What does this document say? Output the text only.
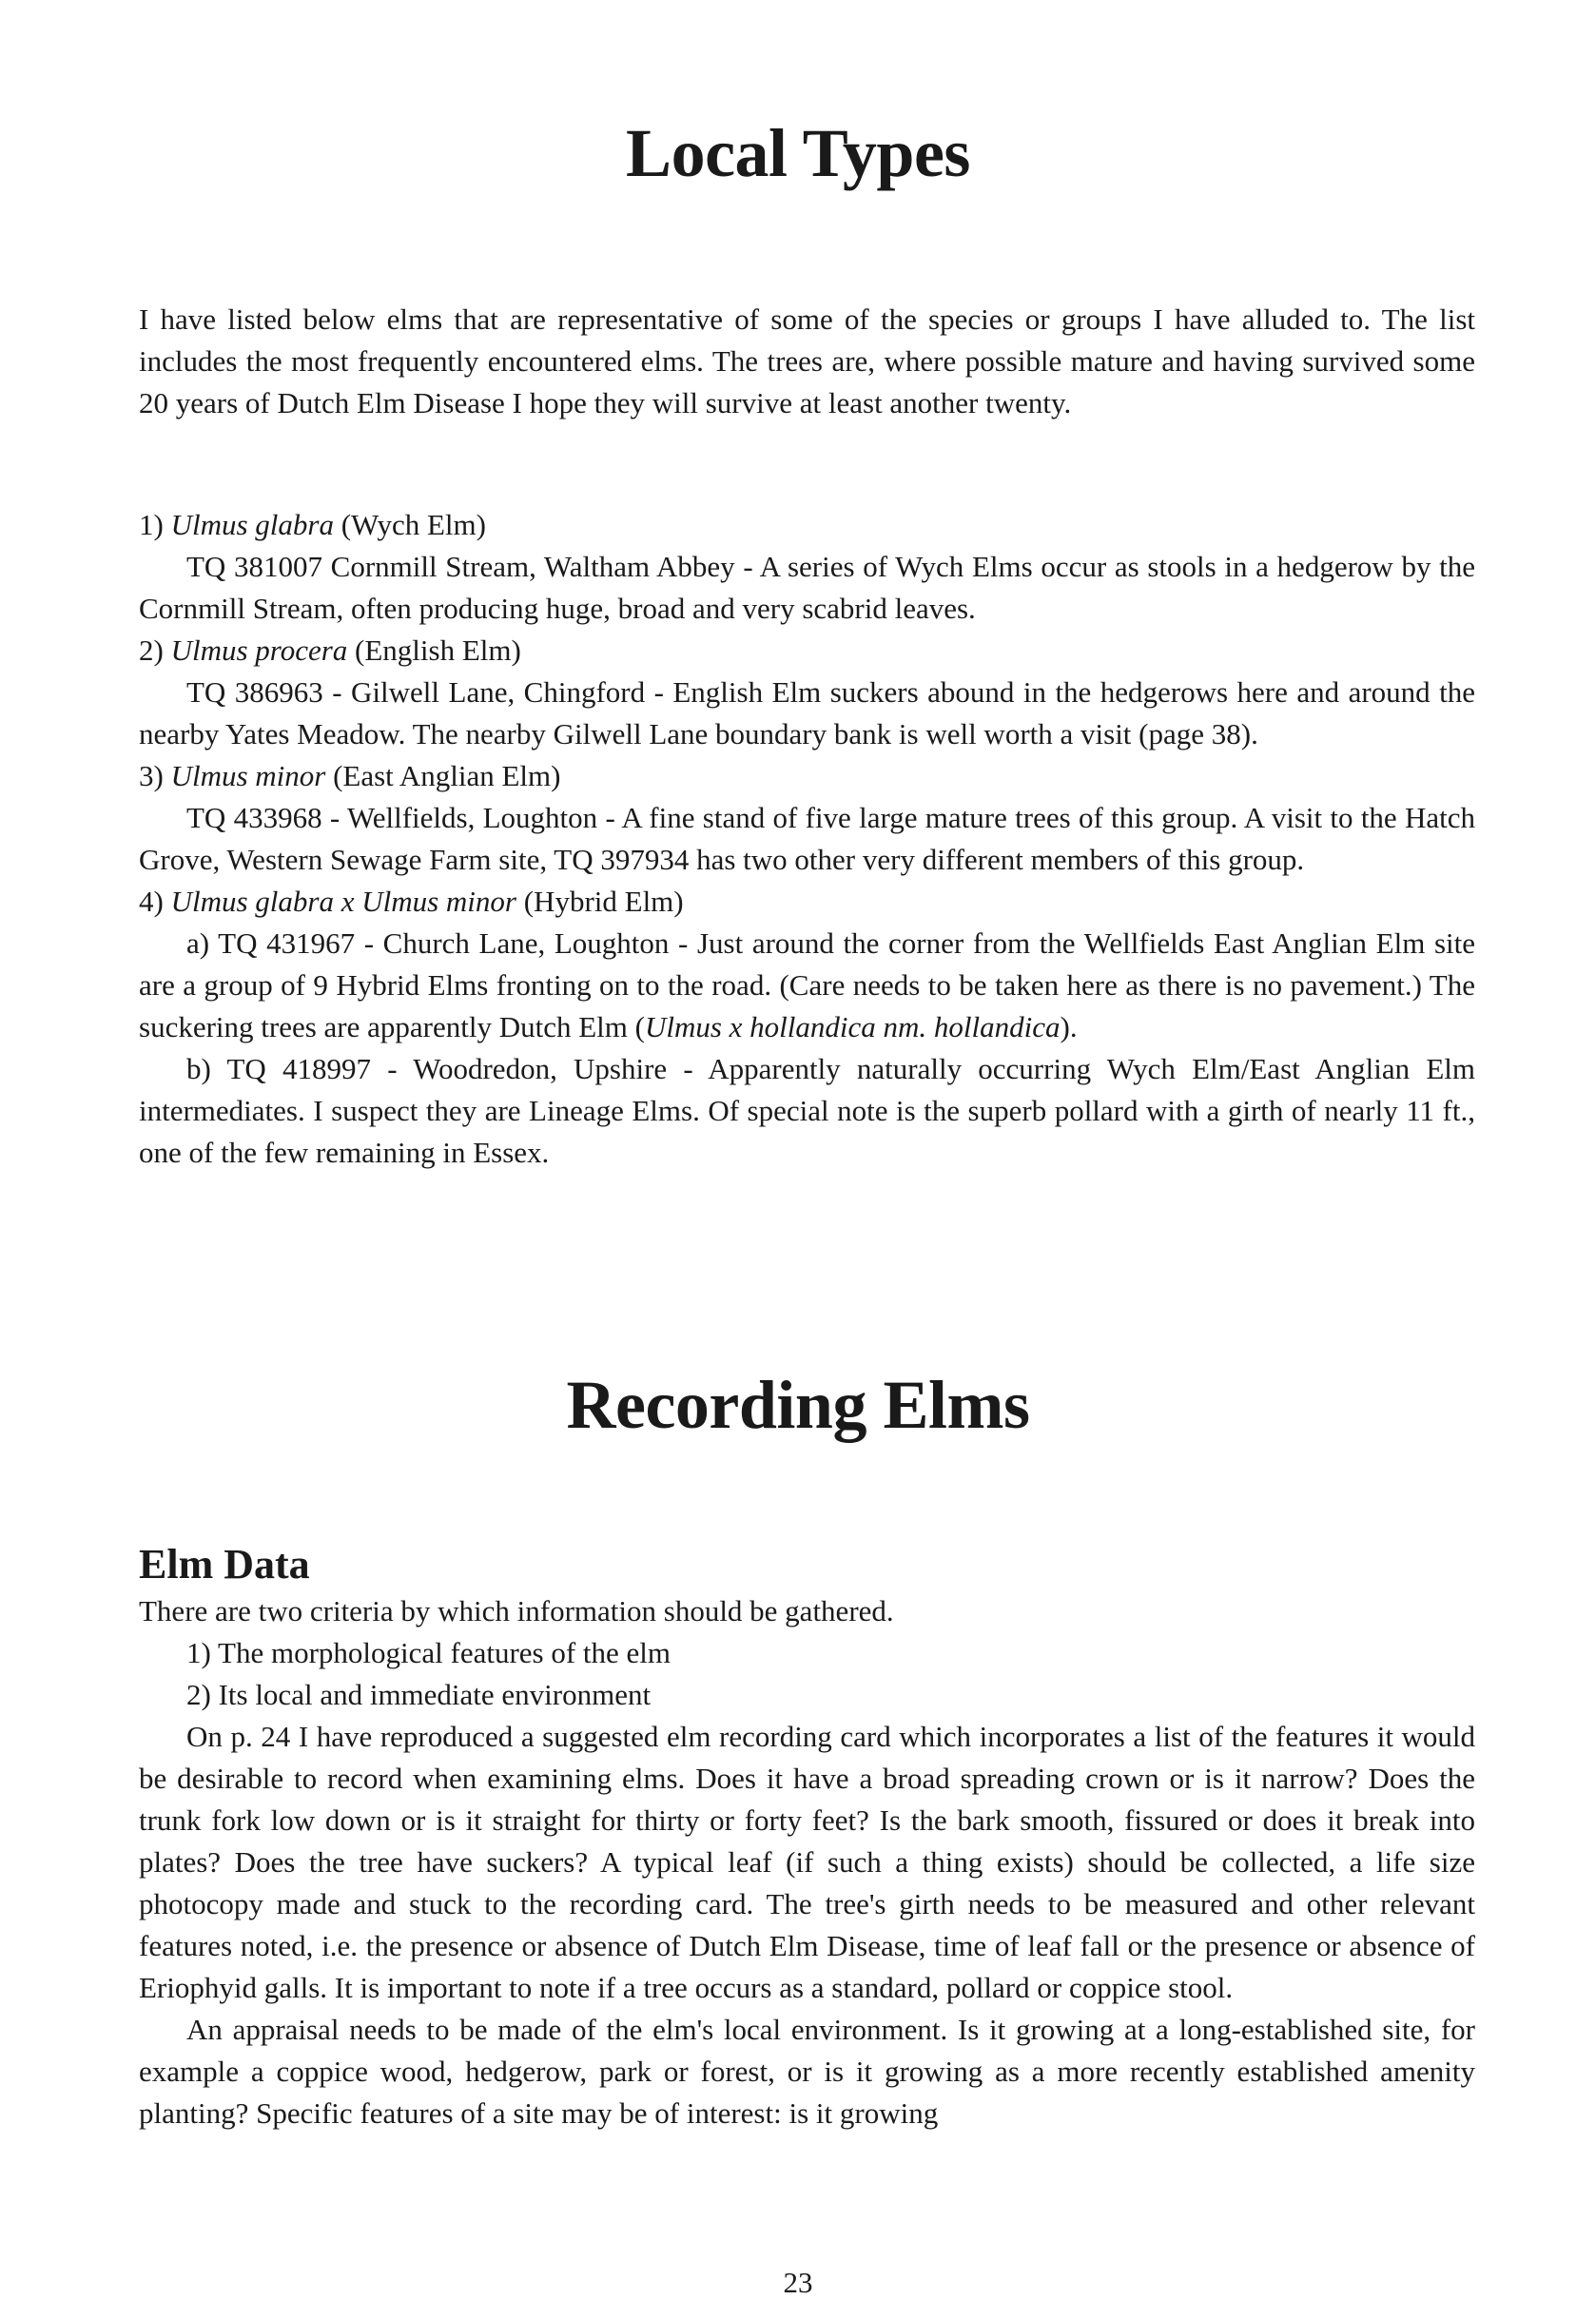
Local Types

I have listed below elms that are representative of some of the species or groups I have alluded to. The list includes the most frequently encountered elms. The trees are, where possible mature and having survived some 20 years of Dutch Elm Disease I hope they will survive at least another twenty.

1) Ulmus glabra (Wych Elm)

TQ 381007 Cornmill Stream, Waltham Abbey - A series of Wych Elms occur as stools in a hedgerow by the Cornmill Stream, often producing huge, broad and very scabrid leaves.

2) Ulmus procera (English Elm)

TQ 386963 - Gilwell Lane, Chingford - English Elm suckers abound in the hedgerows here and around the nearby Yates Meadow. The nearby Gilwell Lane boundary bank is well worth a visit (page 38).

3) Ulmus minor (East Anglian Elm)

TQ 433968 - Wellfields, Loughton - A fine stand of five large mature trees of this group. A visit to the Hatch Grove, Western Sewage Farm site, TQ 397934 has two other very different members of this group.

4) Ulmus glabra x Ulmus minor (Hybrid Elm)

a) TQ 431967 - Church Lane, Loughton - Just around the corner from the Wellfields East Anglian Elm site are a group of 9 Hybrid Elms fronting on to the road. (Care needs to be taken here as there is no pavement.) The suckering trees are apparently Dutch Elm (Ulmus x hollandica nm. hollandica).

b) TQ 418997 - Woodredon, Upshire - Apparently naturally occurring Wych Elm/East Anglian Elm intermediates. I suspect they are Lineage Elms. Of special note is the superb pollard with a girth of nearly 11 ft., one of the few remaining in Essex.

Recording Elms
Elm Data

There are two criteria by which information should be gathered.

1) The morphological features of the elm

2) Its local and immediate environment

On p. 24 I have reproduced a suggested elm recording card which incorporates a list of the features it would be desirable to record when examining elms. Does it have a broad spreading crown or is it narrow? Does the trunk fork low down or is it straight for thirty or forty feet? Is the bark smooth, fissured or does it break into plates? Does the tree have suckers? A typical leaf (if such a thing exists) should be collected, a life size photocopy made and stuck to the recording card. The tree's girth needs to be measured and other relevant features noted, i.e. the presence or absence of Dutch Elm Disease, time of leaf fall or the presence or absence of Eriophyid galls. It is important to note if a tree occurs as a standard, pollard or coppice stool.

An appraisal needs to be made of the elm's local environment. Is it growing at a long-established site, for example a coppice wood, hedgerow, park or forest, or is it growing as a more recently established amenity planting? Specific features of a site may be of interest: is it growing

23
